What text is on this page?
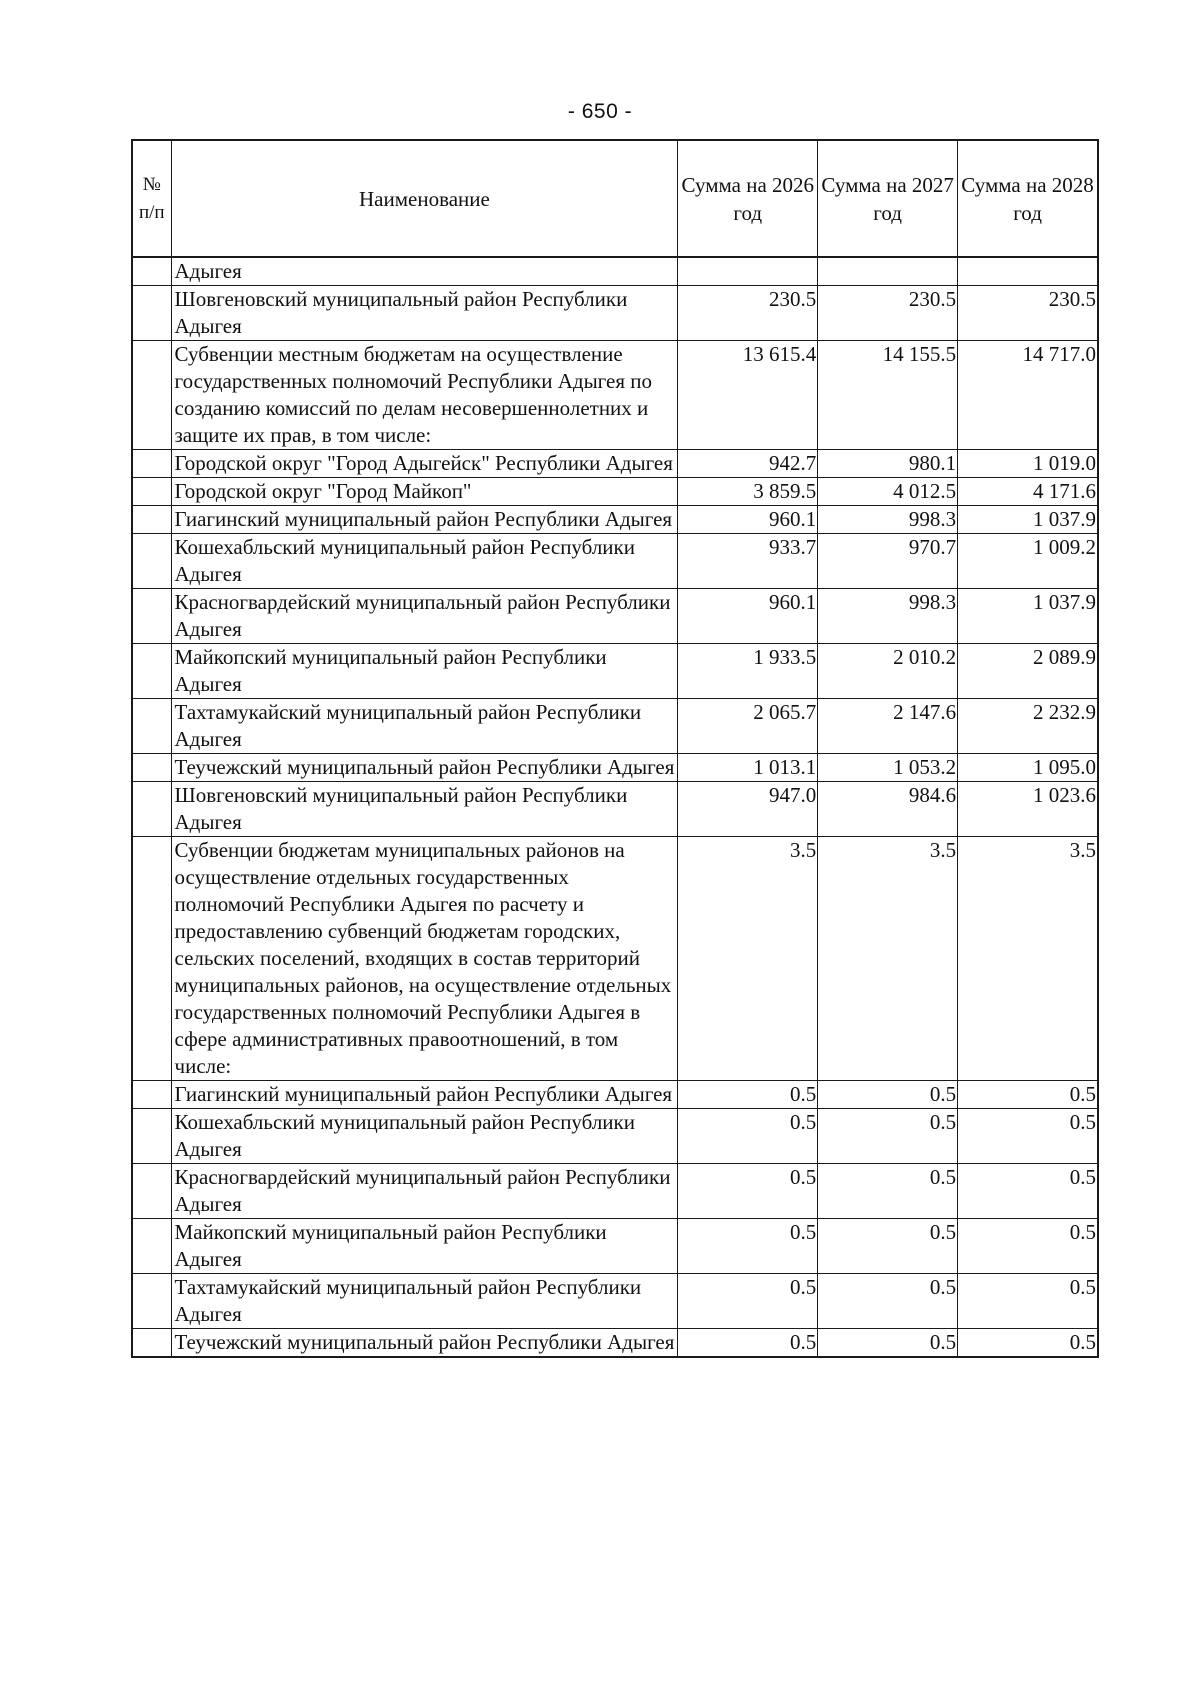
- 650 -
№ п/п	Наименование	Сумма на 2026 год	Сумма на 2027 год	Сумма на 2028 год
	Адыгея			
	Шовгеновский муниципальный район Республики Адыгея	230.5	230.5	230.5
	Субвенции местным бюджетам на осуществление государственных полномочий Республики Адыгея по созданию комиссий по делам несовершеннолетних и защите их прав, в том числе:	13 615.4	14 155.5	14 717.0
	Городской округ "Город Адыгейск" Республики Адыгея	942.7	980.1	1 019.0
	Городской округ "Город Майкоп"	3 859.5	4 012.5	4 171.6
	Гиагинский муниципальный район Республики Адыгея	960.1	998.3	1 037.9
	Кошехабльский муниципальный район Республики Адыгея	933.7	970.7	1 009.2
	Красногвардейский муниципальный район Республики Адыгея	960.1	998.3	1 037.9
	Майкопский муниципальный район Республики Адыгея	1 933.5	2 010.2	2 089.9
	Тахтамукайский муниципальный район Республики Адыгея	2 065.7	2 147.6	2 232.9
	Теучежский муниципальный район Республики Адыгея	1 013.1	1 053.2	1 095.0
	Шовгеновский муниципальный район Республики Адыгея	947.0	984.6	1 023.6
	Субвенции бюджетам муниципальных районов на осуществление отдельных государственных полномочий Республики Адыгея по расчету и предоставлению субвенций бюджетам городских, сельских поселений, входящих в состав территорий муниципальных районов, на осуществление отдельных государственных полномочий Республики Адыгея в сфере административных правоотношений, в том числе:	3.5	3.5	3.5
	Гиагинский муниципальный район Республики Адыгея	0.5	0.5	0.5
	Кошехабльский муниципальный район Республики Адыгея	0.5	0.5	0.5
	Красногвардейский муниципальный район Республики Адыгея	0.5	0.5	0.5
	Майкопский муниципальный район Республики Адыгея	0.5	0.5	0.5
	Тахтамукайский муниципальный район Республики Адыгея	0.5	0.5	0.5
	Теучежский муниципальный район Республики Адыгея	0.5	0.5	0.5
